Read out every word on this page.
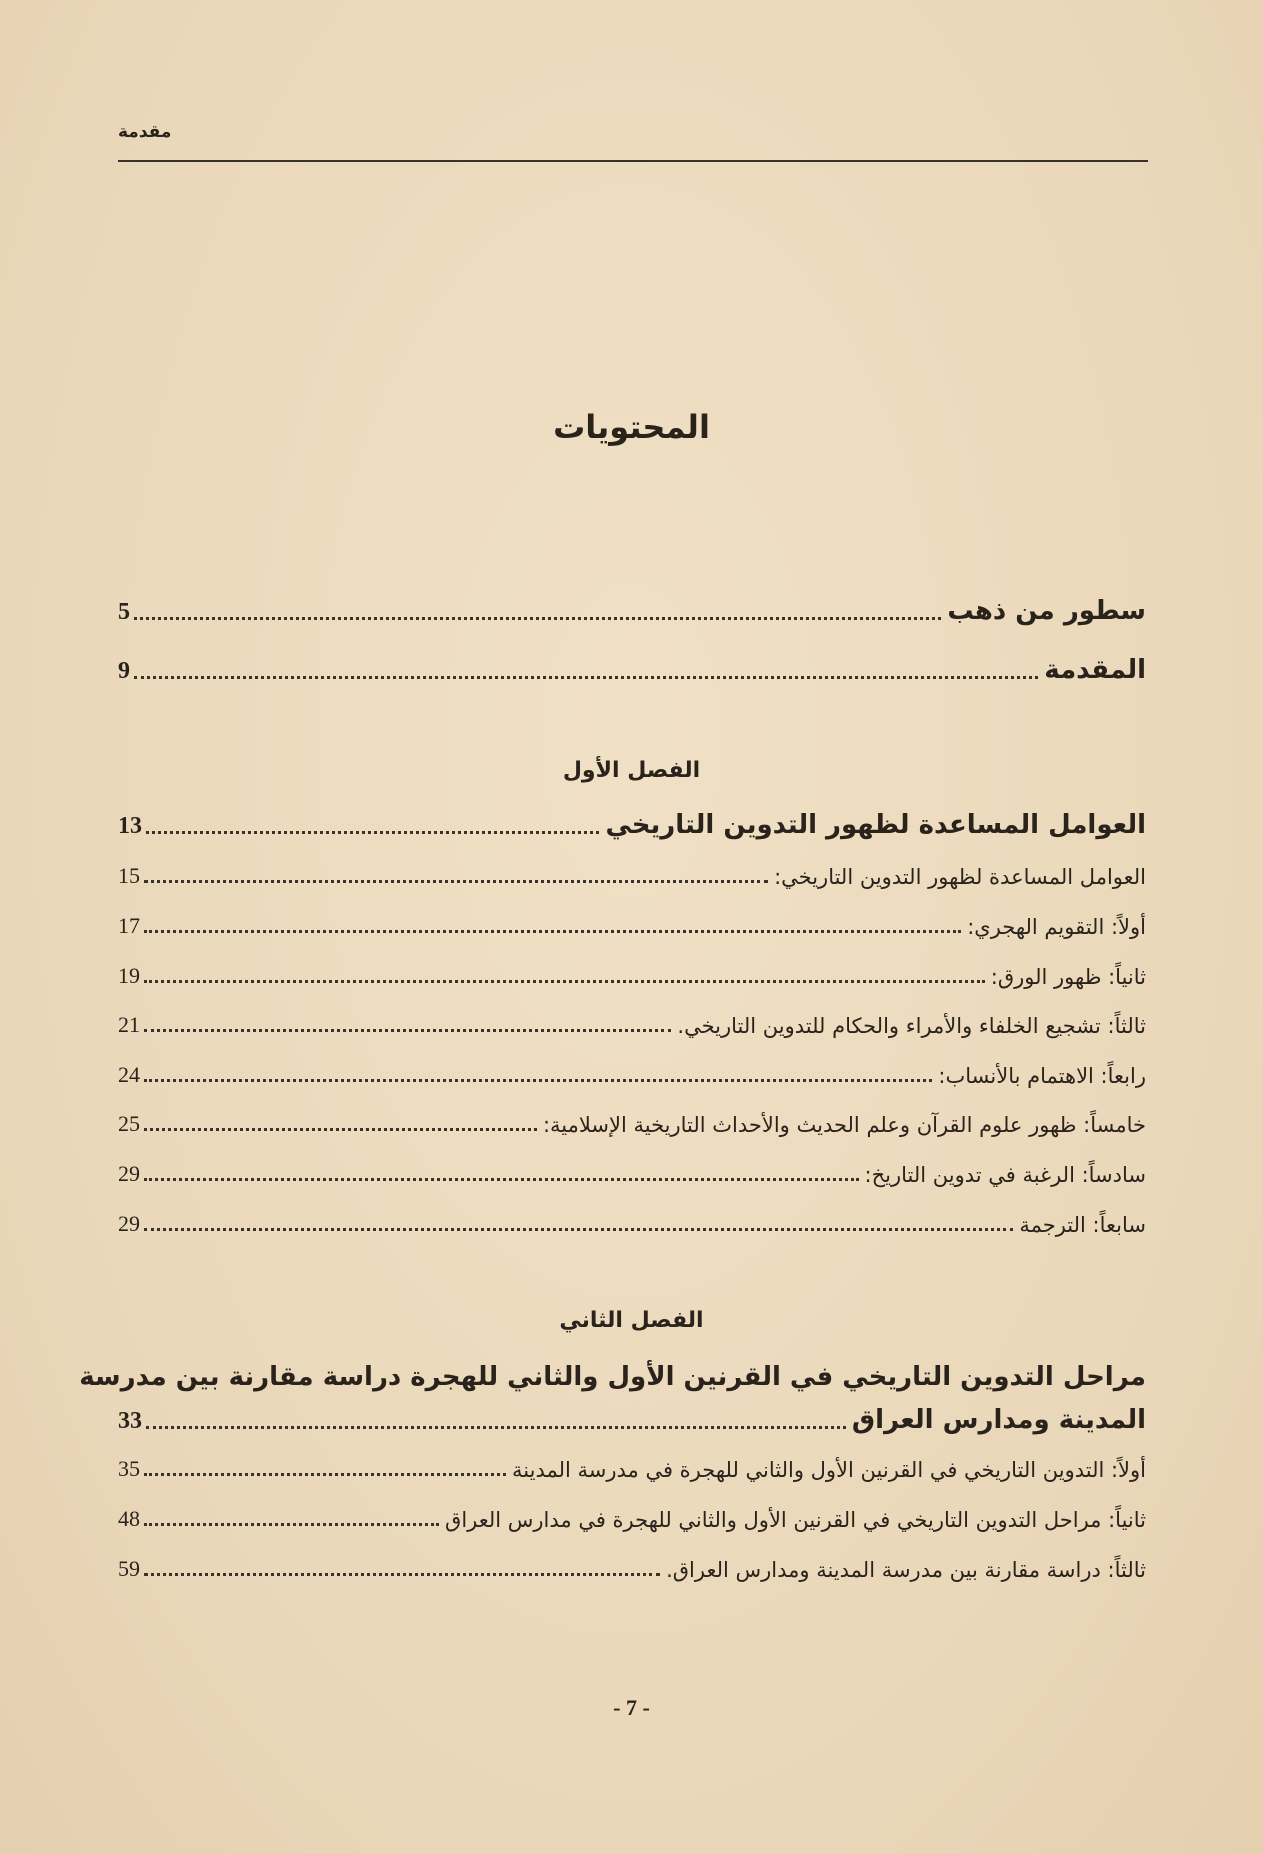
مقدمة
المحتويات
سطور من ذهب
5
المقدمة
9
الفصل الأول
العوامل المساعدة لظهور التدوين التاريخي
13
العوامل المساعدة لظهور التدوين التاريخي:
15
أولاً: التقويم الهجري:
17
ثانياً: ظهور الورق:
19
ثالثاً: تشجيع الخلفاء والأمراء والحكام للتدوين التاريخي.
21
رابعاً: الاهتمام بالأنساب:
24
خامساً: ظهور علوم القرآن وعلم الحديث والأحداث التاريخية الإسلامية:
25
سادساً: الرغبة في تدوين التاريخ:
29
سابعاً: الترجمة
29
الفصل الثاني
مراحل التدوين التاريخي في القرنين الأول والثاني للهجرة دراسة مقارنة بين مدرسة
المدينة ومدارس العراق
33
أولاً: التدوين التاريخي في القرنين الأول والثاني للهجرة في مدرسة المدينة
35
ثانياً: مراحل التدوين التاريخي في القرنين الأول والثاني للهجرة في مدارس العراق
48
ثالثاً: دراسة مقارنة بين مدرسة المدينة ومدارس العراق.
59
- 7 -
